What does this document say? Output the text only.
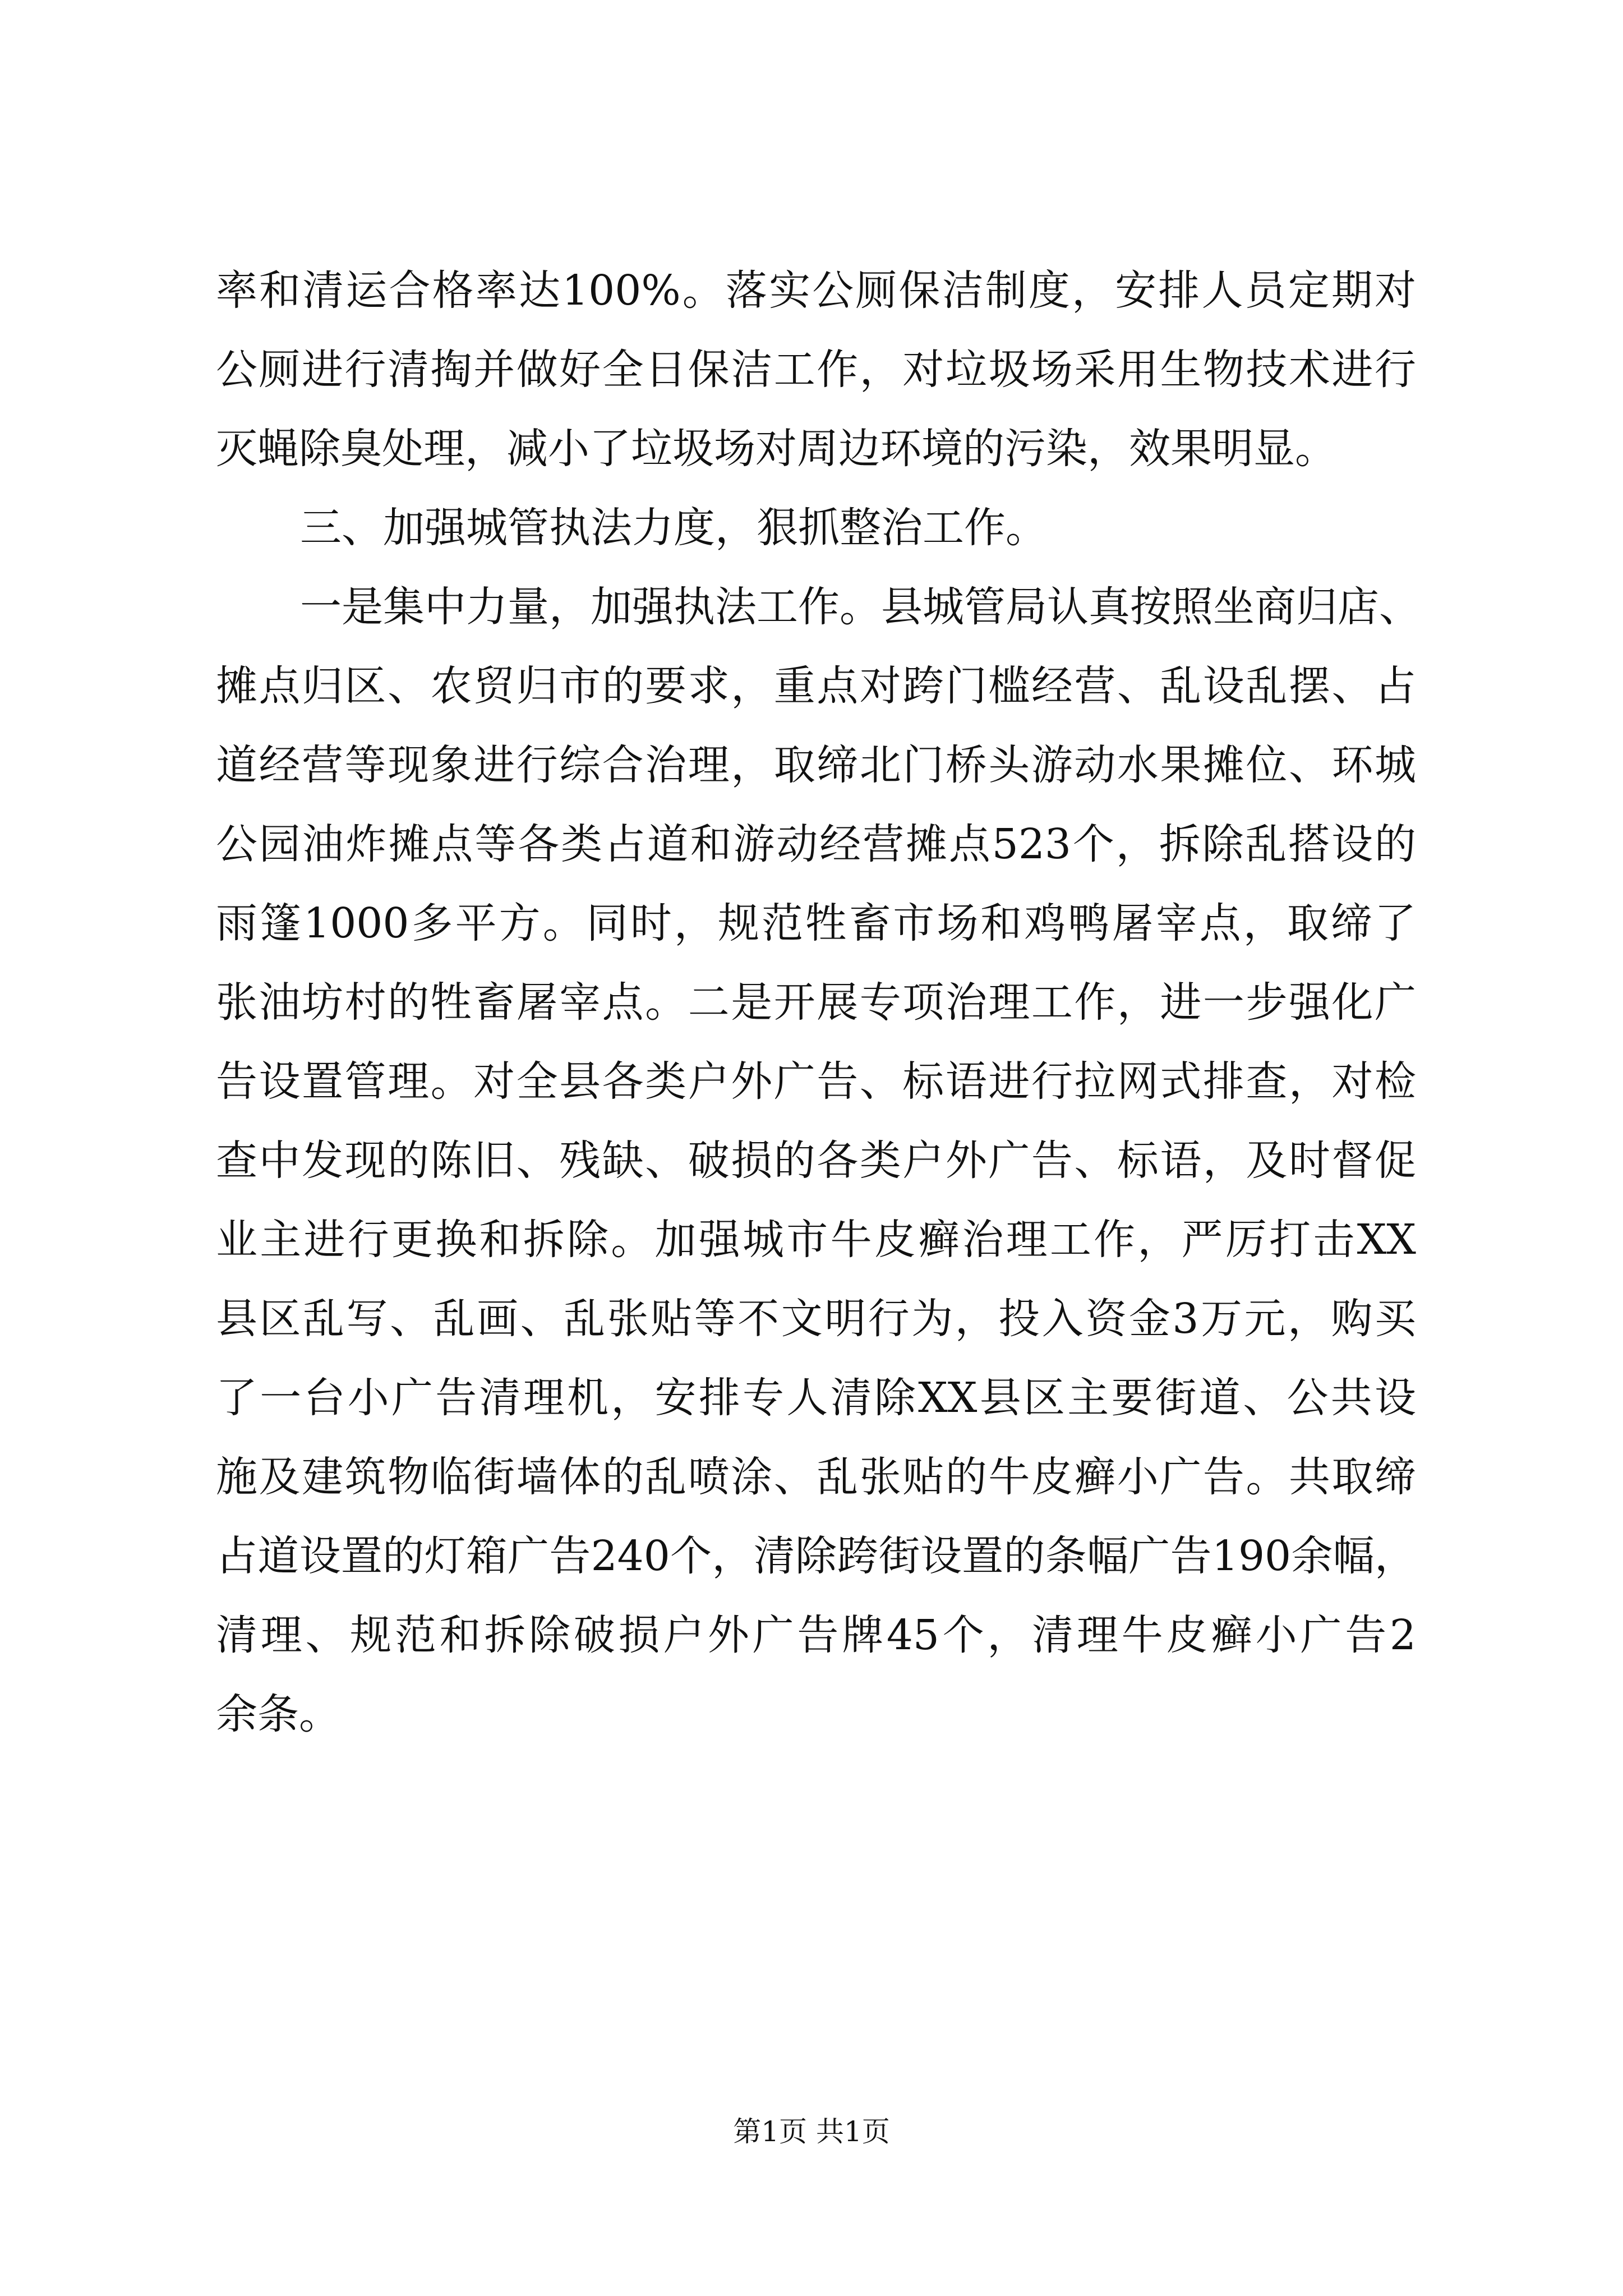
率和清运合格率达100%。落实公厕保洁制度，安排人员定期对
公厕进行清掏并做好全日保洁工作，对垃圾场采用生物技术进行
灭蝇除臭处理，减小了垃圾场对周边环境的污染，效果明显。
三、加强城管执法力度，狠抓整治工作。
一是集中力量，加强执法工作。县城管局认真按照坐商归店、
摊点归区、农贸归市的要求，重点对跨门槛经营、乱设乱摆、占
道经营等现象进行综合治理，取缔北门桥头游动水果摊位、环城
公园油炸摊点等各类占道和游动经营摊点523个，拆除乱搭设的
雨篷1000多平方。同时，规范牲畜市场和鸡鸭屠宰点，取缔了
张油坊村的牲畜屠宰点。二是开展专项治理工作，进一步强化广
告设置管理。对全县各类户外广告、标语进行拉网式排查，对检
查中发现的陈旧、残缺、破损的各类户外广告、标语，及时督促
业主进行更换和拆除。加强城市牛皮癣治理工作，严厉打击XX
县区乱写、乱画、乱张贴等不文明行为，投入资金3万元，购买
了一台小广告清理机，安排专人清除XX县区主要街道、公共设
施及建筑物临街墙体的乱喷涂、乱张贴的牛皮癣小广告。共取缔
占道设置的灯箱广告240个，清除跨街设置的条幅广告190余幅，
清理、规范和拆除破损户外广告牌45个，清理牛皮癣小广告2
余条。
第1页 共1页
